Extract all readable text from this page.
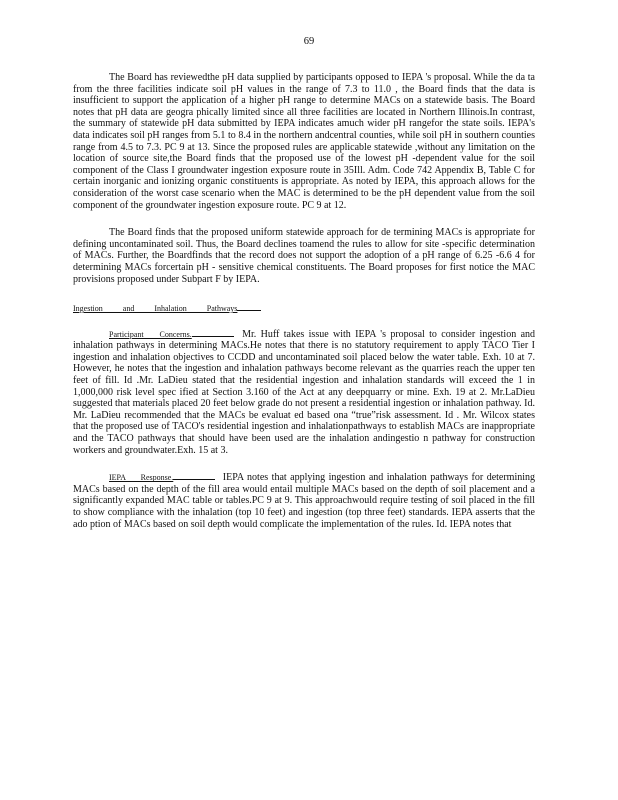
69

The Board has reviewedthe pH data supplied by participants opposed to IEPA 's proposal. While the da ta from the three facilities indicate soil pH values in the range of 7.3 to 11.0 , the Board finds that the data is insufficient to support the application of a higher pH range to determine MACs on a statewide basis. The Board notes that pH data are geogra phically limited since all three facilities are located in Northern Illinois.In contrast, the summary of statewide pH data submitted by IEPA indicates amuch wider pH rangefor the state soils. IEPA's data indicates soil pH ranges from 5.1 to 8.4 in the northern andcentral counties, while soil pH in southern counties range from 4.5 to 7.3. PC 9 at 13. Since the proposed rules are applicable statewide ,without any limitation on the location of source site,the Board finds that the proposed use of the lowest pH -dependent value for the soil component of the Class I groundwater ingestion exposure route in 35Ill. Adm. Code 742 Appendix B, Table C for certain inorganic and ionizing organic constituents is appropriate. As noted by IEPA, this approach allows for the consideration of the worst case scenario when the MAC is determined to be the pH dependent value from the soil component of the groundwater ingestion exposure route. PC 9 at 12.

The Board finds that the proposed uniform statewide approach for de termining MACs is appropriate for defining uncontaminated soil. Thus, the Board declines toamend the rules to allow for site -specific determination of MACs. Further, the Boardfinds that the record does not support the adoption of a pH range of 6.25 -6.6 4 for determining MACs forcertain pH - sensitive chemical constituents. The Board proposes for first notice the MAC provisions proposed under Subpart F by IEPA.

Ingestion and Inhalation Pathways

Participant Concerns.	Mr. Huff takes issue with IEPA 's proposal to consider ingestion and inhalation pathways in determining MACs.He notes that there is no statutory requirement to apply TACO Tier I ingestion and inhalation objectives to CCDD and uncontaminated soil placed below the water table. Exh. 10 at 7. However, he notes that the ingestion and inhalation pathways become relevant as the quarries reach the upper ten feet of fill. Id .Mr. LaDieu stated that the residential ingestion and inhalation standards will exceed the 1 in 1,000,000 risk level spec ified at Section 3.160 of the Act at any deepquarry or mine. Exh. 19 at 2. Mr.LaDieu suggested that materials placed 20 feet below grade do not present a residential ingestion or inhalation pathway. Id. Mr. LaDieu recommended that the MACs be evaluat ed based ona “true”risk assessment. Id . Mr. Wilcox states that the proposed use of TACO's residential ingestion and inhalationpathways to establish MACs are inappropriate and the TACO pathways that should have been used are the inhalation andingestio n pathway for construction workers and groundwater.Exh. 15 at 3.

IEPA Response.	IEPA notes that applying ingestion and inhalation pathways for determining MACs based on the depth of the fill area would entail multiple MACs based on the depth of soil placement and a significantly expanded MAC table or tables.PC 9 at 9. This approachwould require testing of soil placed in the fill to show compliance with the inhalation (top 10 feet) and ingestion (top three feet) standards. IEPA asserts that the ado ption of MACs based on soil depth would complicate the implementation of the rules. Id. IEPA notes that
